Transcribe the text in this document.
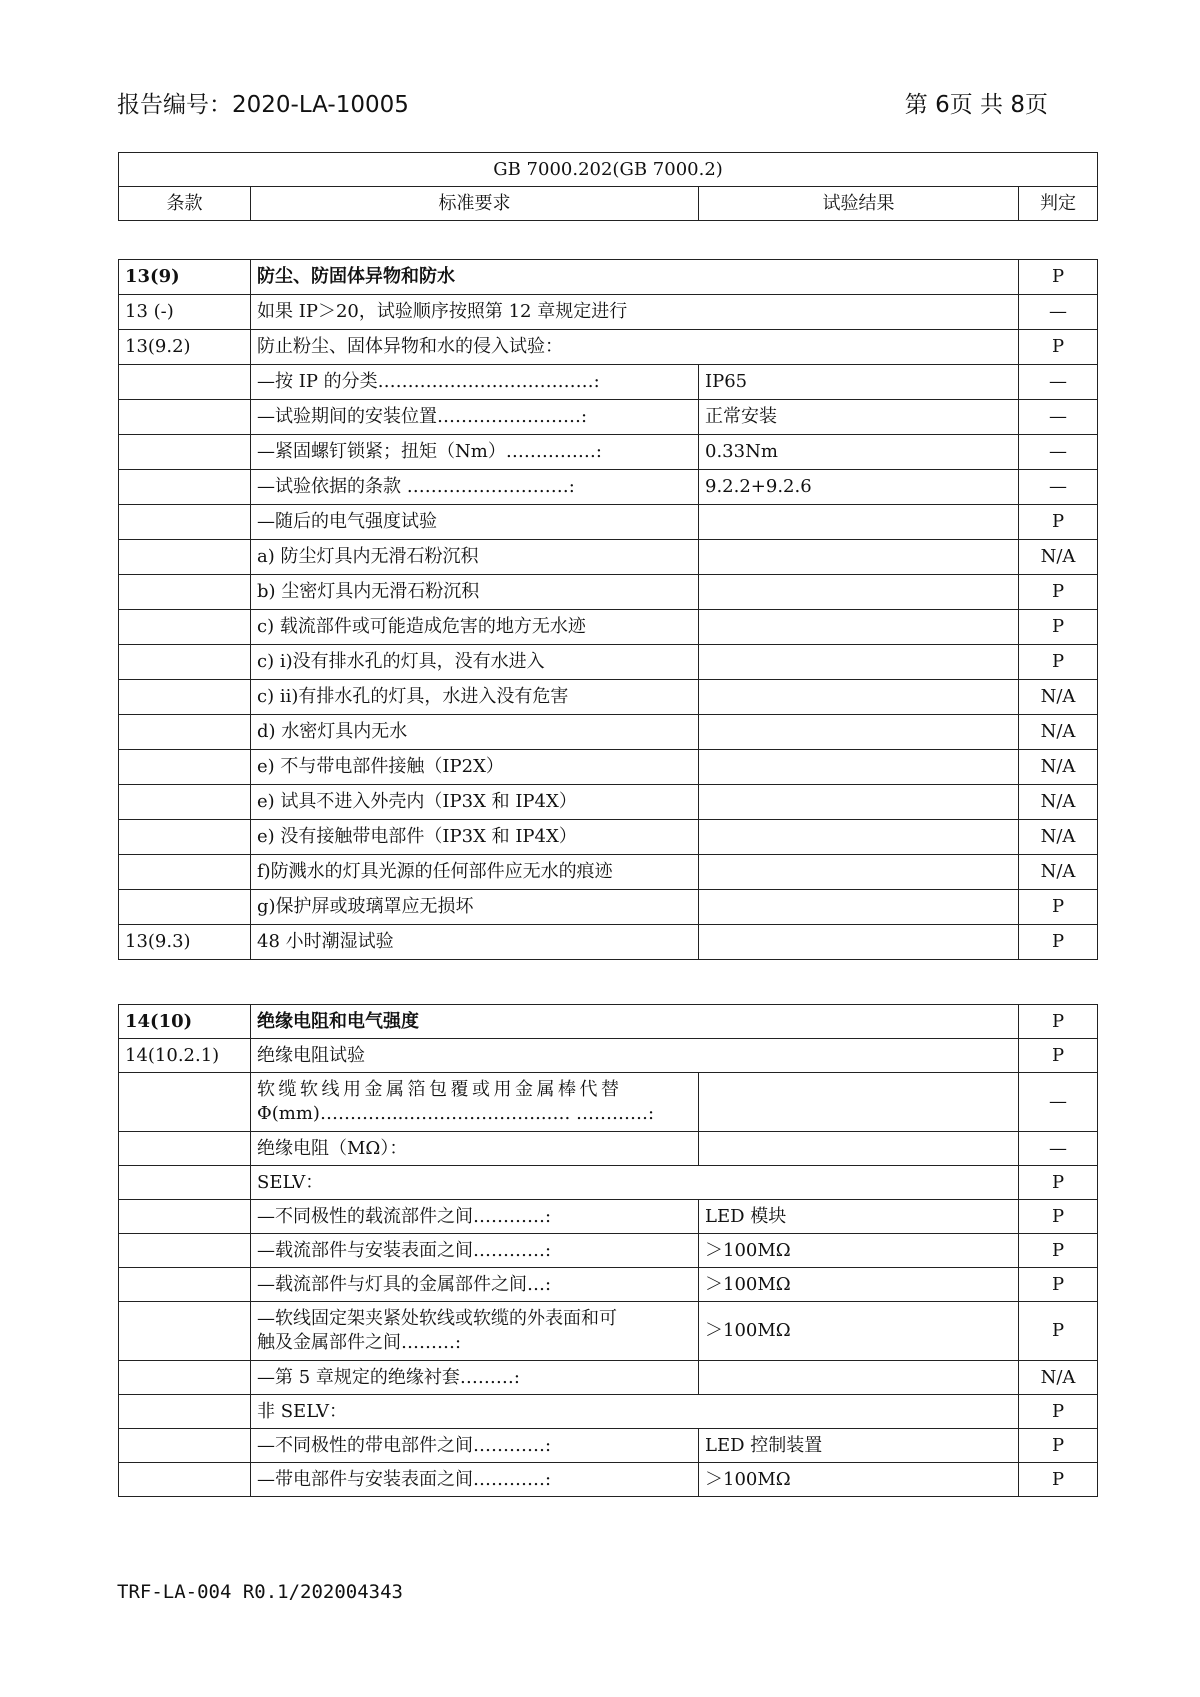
报告编号：2020-LA-10005	第 6页 共 8页
GB 7000.202(GB 7000.2)
条款	标准要求	试验结果	判定
13(9)	防尘、防固体异物和防水		P
13 (-)	如果 IP＞20，试验顺序按照第 12 章规定进行		—
13(9.2)	防止粉尘、固体异物和水的侵入试验：		P
	—按 IP 的分类………………………………:	IP65	—
	—试验期间的安装位置……………………:	正常安装	—
	—紧固螺钉锁紧；扭矩（Nm）……………:	0.33Nm	—
	—试验依据的条款 ………………………:	9.2.2+9.2.6	—
	—随后的电气强度试验		P
	a) 防尘灯具内无滑石粉沉积		N/A
	b) 尘密灯具内无滑石粉沉积		P
	c) 载流部件或可能造成危害的地方无水迹		P
	c) ⅰ)没有排水孔的灯具，没有水进入		P
	c) ⅱ)有排水孔的灯具，水进入没有危害		N/A
	d) 水密灯具内无水		N/A
	e) 不与带电部件接触（IP2X）		N/A
	e) 试具不进入外壳内（IP3X 和 IP4X）		N/A
	e) 没有接触带电部件（IP3X 和 IP4X）		N/A
	f)防溅水的灯具光源的任何部件应无水的痕迹		N/A
	g)保护屏或玻璃罩应无损坏		P
13(9.3)	48 小时潮湿试验		P
14(10)	绝缘电阻和电气强度		P
14(10.2.1)	绝缘电阻试验		P

	软缆软线用金属箔包覆或用金属棒代替
Φ(mm)…………...…………………..…. …………:		—
	绝缘电阻（MΩ）：		—
	SELV：		P
	—不同极性的载流部件之间…………:	LED 模块	P
	—载流部件与安装表面之间…………:	＞100MΩ	P
	—载流部件与灯具的金属部件之间…:	＞100MΩ	P

	—软线固定架夹紧处软线或软缆的外表面和可
触及金属部件之间………:	＞100MΩ	P
	—第 5 章规定的绝缘衬套………:		N/A
	非 SELV：		P
	—不同极性的带电部件之间…………:	LED 控制装置	P
	—带电部件与安装表面之间…………:	＞100MΩ	P
TRF-LA-004 R0.1/202004343
